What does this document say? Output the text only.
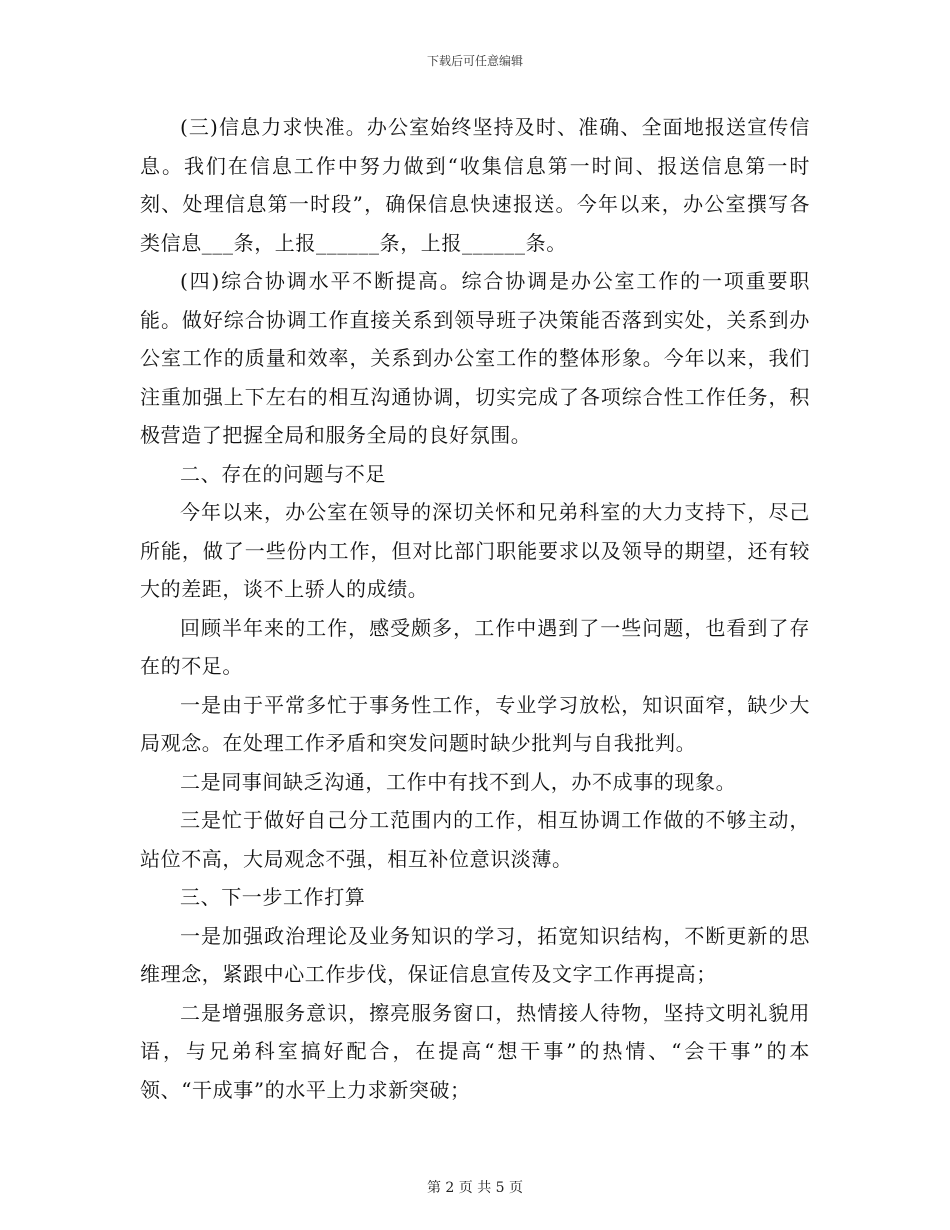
下载后可任意编辑

(三)信息力求快准。办公室始终坚持及时、准确、全面地报送宣传信息。我们在信息工作中努力做到“收集信息第一时间、报送信息第一时刻、处理信息第一时段”，确保信息快速报送。今年以来，办公室撰写各类信息___条，上报______条，上报______条。

(四)综合协调水平不断提高。综合协调是办公室工作的一项重要职能。做好综合协调工作直接关系到领导班子决策能否落到实处，关系到办公室工作的质量和效率，关系到办公室工作的整体形象。今年以来，我们注重加强上下左右的相互沟通协调，切实完成了各项综合性工作任务，积极营造了把握全局和服务全局的良好氛围。

二、存在的问题与不足

今年以来，办公室在领导的深切关怀和兄弟科室的大力支持下，尽己所能，做了一些份内工作，但对比部门职能要求以及领导的期望，还有较大的差距，谈不上骄人的成绩。

回顾半年来的工作，感受颇多，工作中遇到了一些问题，也看到了存在的不足。

一是由于平常多忙于事务性工作，专业学习放松，知识面窄，缺少大局观念。在处理工作矛盾和突发问题时缺少批判与自我批判。

二是同事间缺乏沟通，工作中有找不到人，办不成事的现象。

三是忙于做好自己分工范围内的工作，相互协调工作做的不够主动，站位不高，大局观念不强，相互补位意识淡薄。

三、下一步工作打算

一是加强政治理论及业务知识的学习，拓宽知识结构，不断更新的思维理念，紧跟中心工作步伐，保证信息宣传及文字工作再提高；

二是增强服务意识，擦亮服务窗口，热情接人待物，坚持文明礼貌用语，与兄弟科室搞好配合，在提高“想干事”的热情、“会干事”的本领、“干成事”的水平上力求新突破；

第 2 页 共 5 页
